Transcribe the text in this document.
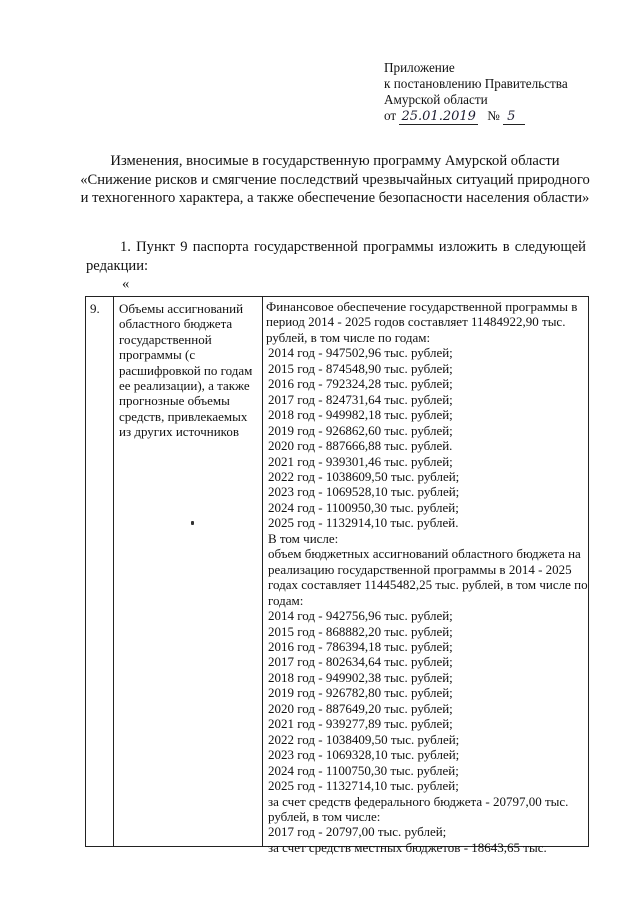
Приложение
к постановлению Правительства
Амурской области
от 25.01.2019 № 5
Изменения, вносимые в государственную программу Амурской области «Снижение рисков и смягчение последствий чрезвычайных ситуаций природного и техногенного характера, а также обеспечение безопасности населения области»
1. Пункт 9 паспорта государственной программы изложить в следующей редакции:
«
9. Объемы ассигнований областного бюджета государственной программы (с расшифровкой по годам ее реализации), а также прогнозные объемы средств, привлекаемых из других источников
Финансовое обеспечение государственной программы в
период 2014 - 2025 годов составляет 11484922,90 тыс.
рублей, в том числе по годам:
2014 год - 947502,96 тыс. рублей;
2015 год - 874548,90 тыс. рублей;
2016 год - 792324,28 тыс. рублей;
2017 год - 824731,64 тыс. рублей;
2018 год - 949982,18 тыс. рублей;
2019 год - 926862,60 тыс. рублей;
2020 год - 887666,88 тыс. рублей.
2021 год - 939301,46 тыс. рублей;
2022 год - 1038609,50 тыс. рублей;
2023 год - 1069528,10 тыс. рублей;
2024 год - 1100950,30 тыс. рублей;
2025 год - 1132914,10 тыс. рублей.
В том числе:
объем бюджетных ассигнований областного бюджета на
реализацию государственной программы в 2014 - 2025
годах составляет 11445482,25 тыс. рублей, в том числе по
годам:
2014 год - 942756,96 тыс. рублей;
2015 год - 868882,20 тыс. рублей;
2016 год - 786394,18 тыс. рублей;
2017 год - 802634,64 тыс. рублей;
2018 год - 949902,38 тыс. рублей;
2019 год - 926782,80 тыс. рублей;
2020 год - 887649,20 тыс. рублей;
2021 год - 939277,89 тыс. рублей;
2022 год - 1038409,50 тыс. рублей;
2023 год - 1069328,10 тыс. рублей;
2024 год - 1100750,30 тыс. рублей;
2025 год - 1132714,10 тыс. рублей;
за счет средств федерального бюджета - 20797,00 тыс.
рублей, в том числе:
2017 год - 20797,00 тыс. рублей;
за счет средств местных бюджетов - 18643,65 тыс.
